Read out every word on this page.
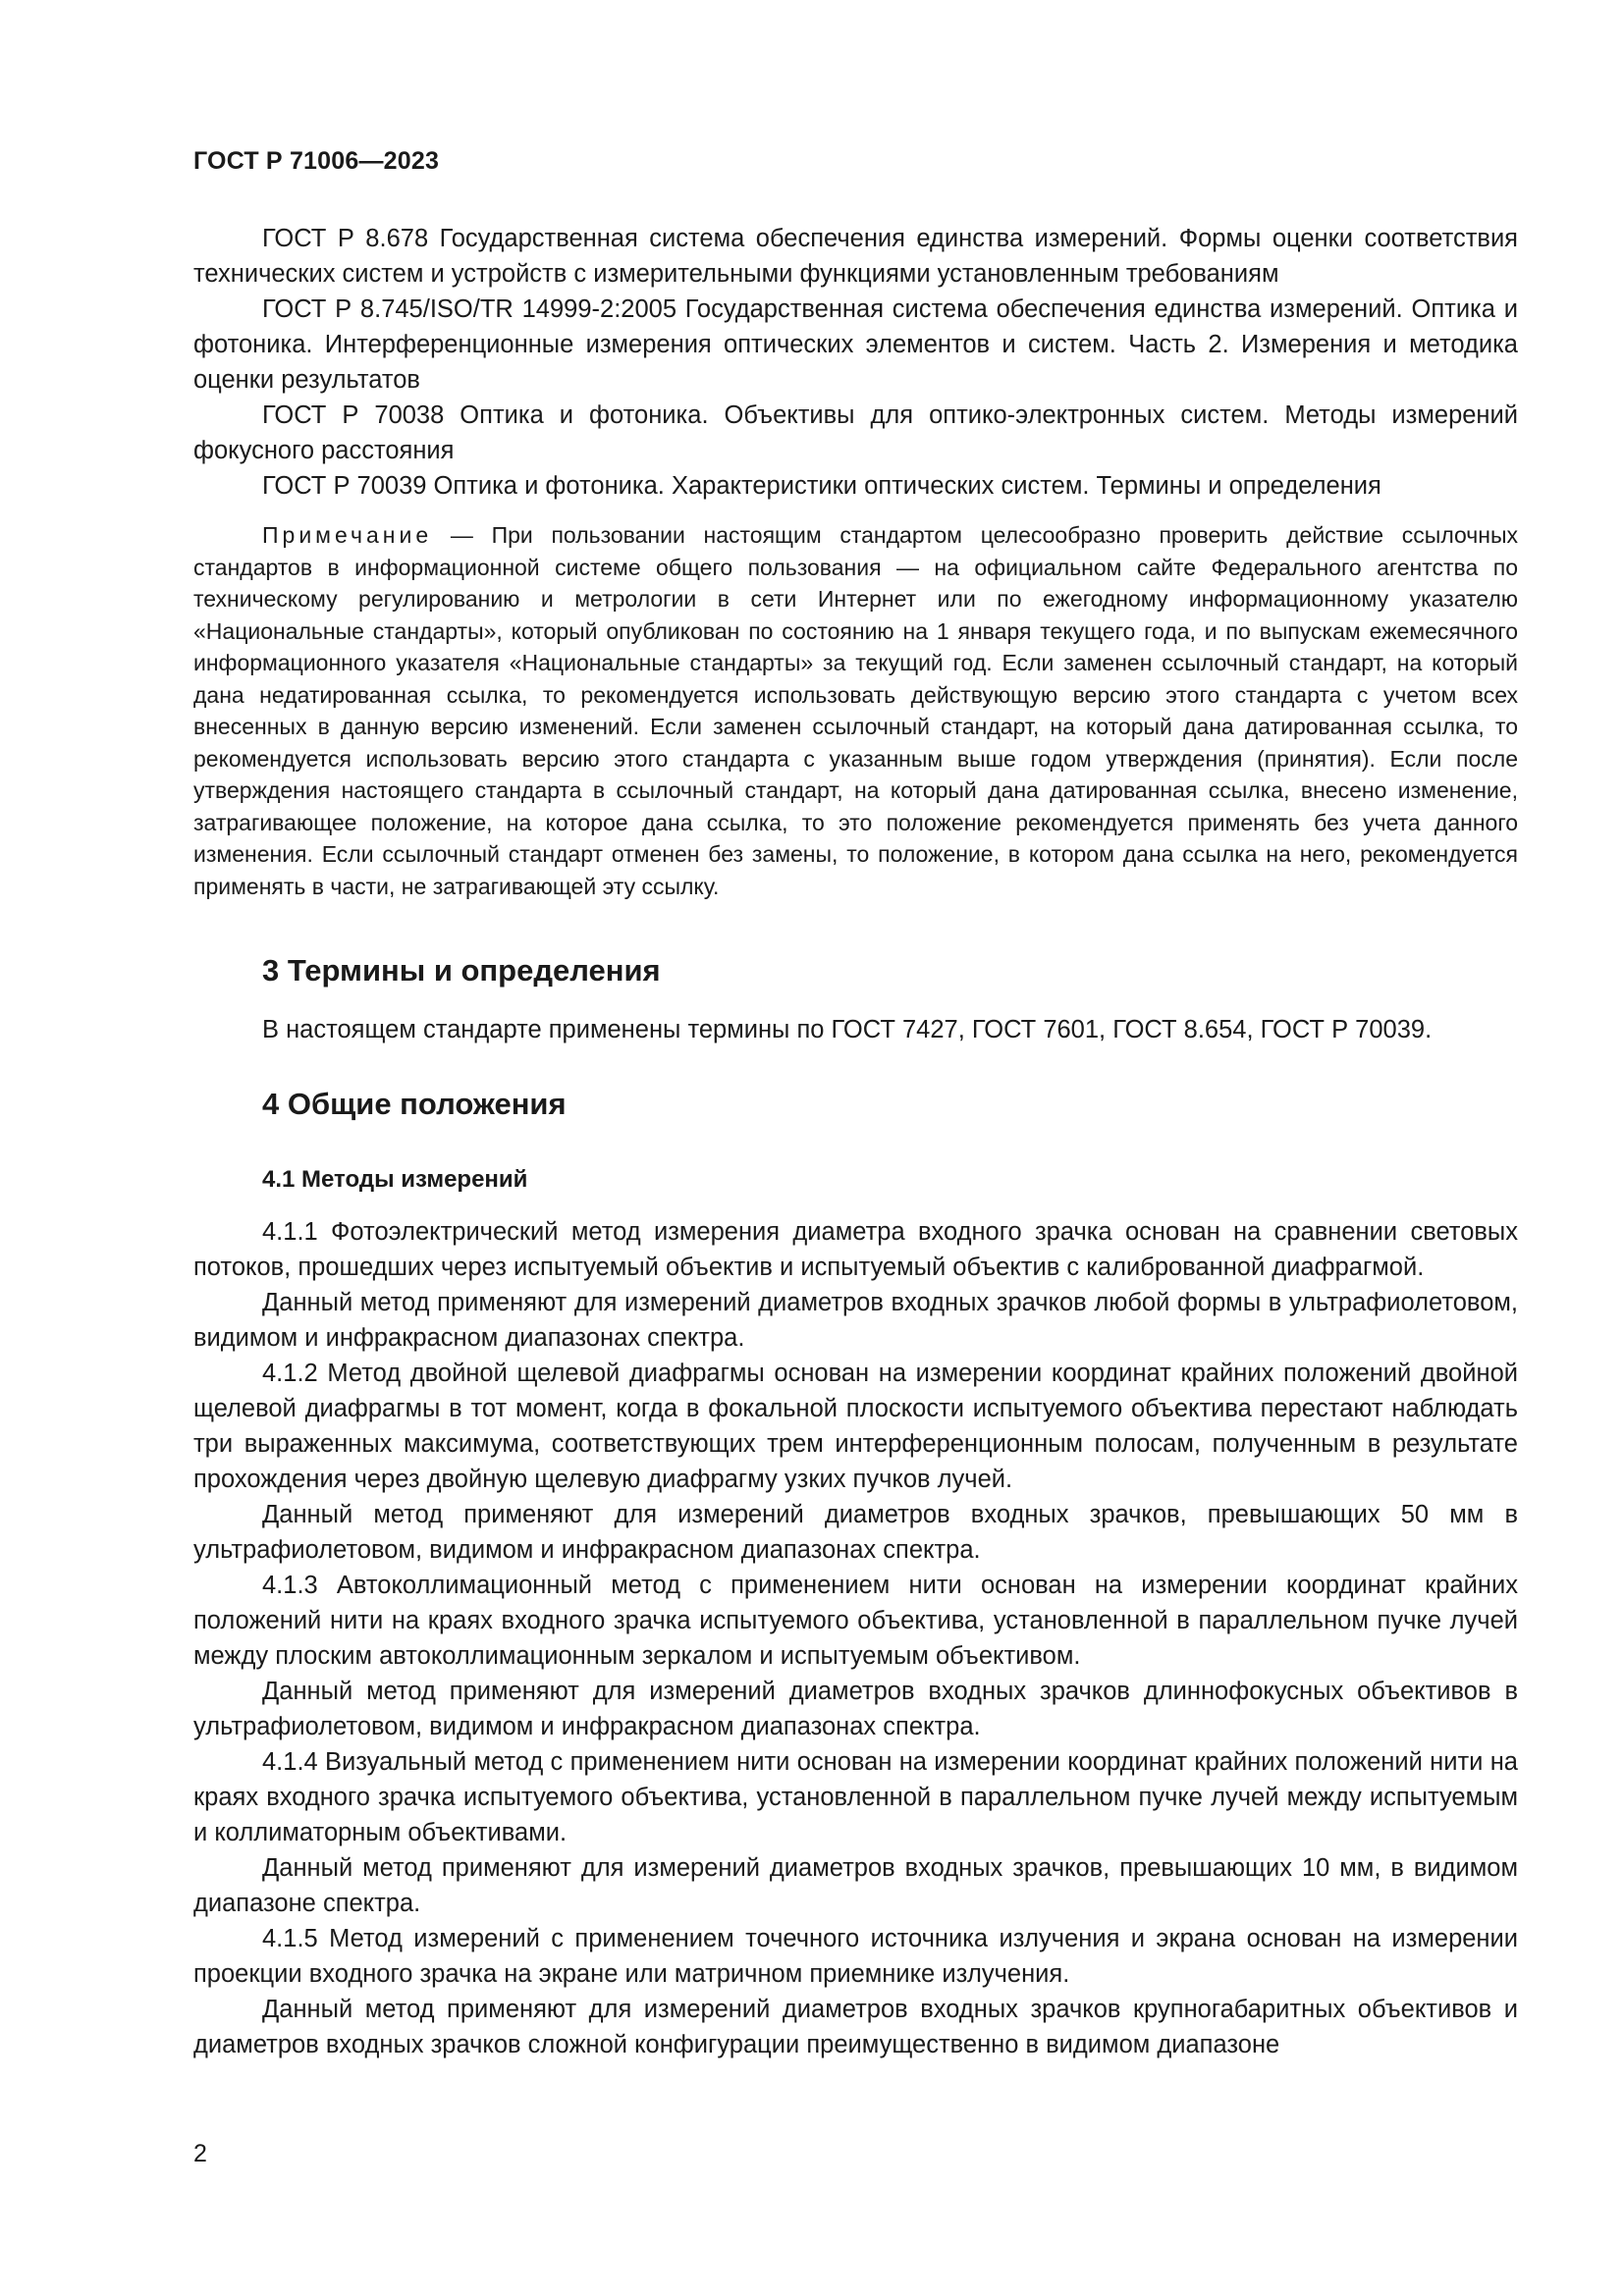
ГОСТ Р 71006—2023

ГОСТ Р 8.678 Государственная система обеспечения единства измерений. Формы оценки соответствия технических систем и устройств с измерительными функциями установленным требованиям

ГОСТ Р 8.745/ISO/TR 14999-2:2005 Государственная система обеспечения единства измерений. Оптика и фотоника. Интерференционные измерения оптических элементов и систем. Часть 2. Измерения и методика оценки результатов

ГОСТ Р 70038 Оптика и фотоника. Объективы для оптико-электронных систем. Методы измерений фокусного расстояния

ГОСТ Р 70039 Оптика и фотоника. Характеристики оптических систем. Термины и определения

Примечание — При пользовании настоящим стандартом целесообразно проверить действие ссылочных стандартов в информационной системе общего пользования — на официальном сайте Федерального агентства по техническому регулированию и метрологии в сети Интернет или по ежегодному информационному указателю «Национальные стандарты», который опубликован по состоянию на 1 января текущего года, и по выпускам ежемесячного информационного указателя «Национальные стандарты» за текущий год. Если заменен ссылочный стандарт, на который дана недатированная ссылка, то рекомендуется использовать действующую версию этого стандарта с учетом всех внесенных в данную версию изменений. Если заменен ссылочный стандарт, на который дана датированная ссылка, то рекомендуется использовать версию этого стандарта с указанным выше годом утверждения (принятия). Если после утверждения настоящего стандарта в ссылочный стандарт, на который дана датированная ссылка, внесено изменение, затрагивающее положение, на которое дана ссылка, то это положение рекомендуется применять без учета данного изменения. Если ссылочный стандарт отменен без замены, то положение, в котором дана ссылка на него, рекомендуется применять в части, не затрагивающей эту ссылку.

3 Термины и определения

В настоящем стандарте применены термины по ГОСТ 7427, ГОСТ 7601, ГОСТ 8.654, ГОСТ Р 70039.

4 Общие положения

4.1 Методы измерений

4.1.1 Фотоэлектрический метод измерения диаметра входного зрачка основан на сравнении световых потоков, прошедших через испытуемый объектив и испытуемый объектив с калиброванной диафрагмой.

Данный метод применяют для измерений диаметров входных зрачков любой формы в ультрафиолетовом, видимом и инфракрасном диапазонах спектра.

4.1.2 Метод двойной щелевой диафрагмы основан на измерении координат крайних положений двойной щелевой диафрагмы в тот момент, когда в фокальной плоскости испытуемого объектива перестают наблюдать три выраженных максимума, соответствующих трем интерференционным полосам, полученным в результате прохождения через двойную щелевую диафрагму узких пучков лучей.

Данный метод применяют для измерений диаметров входных зрачков, превышающих 50 мм в ультрафиолетовом, видимом и инфракрасном диапазонах спектра.

4.1.3 Автоколлимационный метод с применением нити основан на измерении координат крайних положений нити на краях входного зрачка испытуемого объектива, установленной в параллельном пучке лучей между плоским автоколлимационным зеркалом и испытуемым объективом.

Данный метод применяют для измерений диаметров входных зрачков длиннофокусных объективов в ультрафиолетовом, видимом и инфракрасном диапазонах спектра.

4.1.4 Визуальный метод с применением нити основан на измерении координат крайних положений нити на краях входного зрачка испытуемого объектива, установленной в параллельном пучке лучей между испытуемым и коллиматорным объективами.

Данный метод применяют для измерений диаметров входных зрачков, превышающих 10 мм, в видимом диапазоне спектра.

4.1.5 Метод измерений с применением точечного источника излучения и экрана основан на измерении проекции входного зрачка на экране или матричном приемнике излучения.

Данный метод применяют для измерений диаметров входных зрачков крупногабаритных объективов и диаметров входных зрачков сложной конфигурации преимущественно в видимом диапазоне

2
